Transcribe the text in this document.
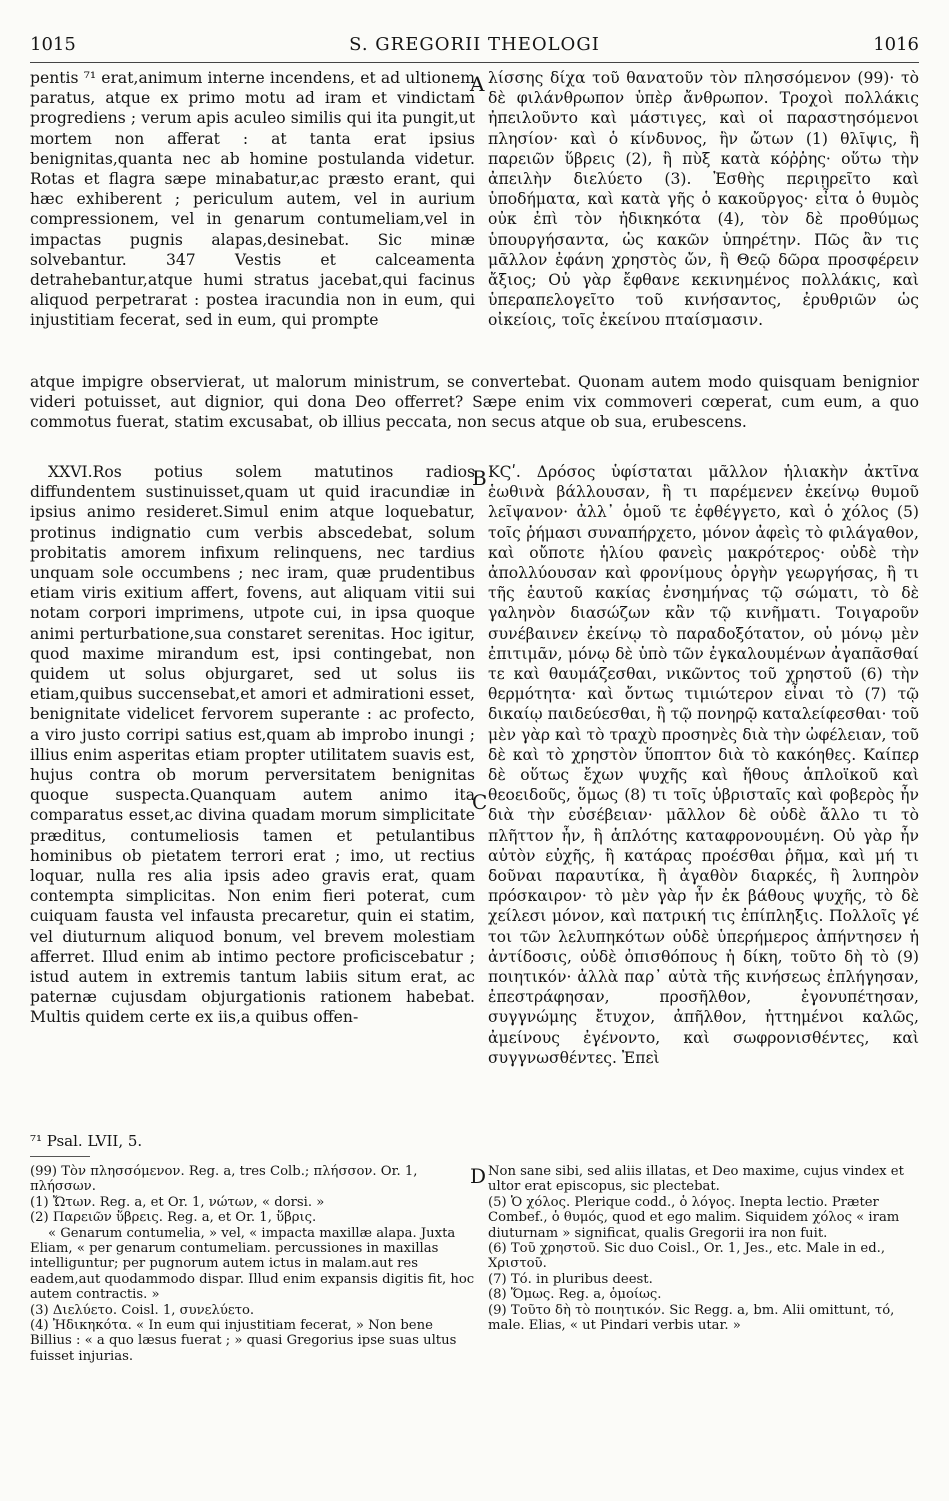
1015	S. GREGORII THEOLOGI	1016

pentis ⁷¹ erat,animum interne incendens, et ad ultionem paratus, atque ex primo motu ad iram et vindictam progrediens ; verum apis aculeo similis qui ita pungit,ut mortem non afferat : at tanta erat ipsius benignitas,quanta nec ab homine postulanda videtur. Rotas et flagra sæpe minabatur,ac præsto erant, qui hæc exhiberent ; periculum autem, vel in aurium compressionem, vel in genarum contumeliam,vel in impactas pugnis alapas,desinebat. Sic minæ solvebantur. 347 Vestis et calceamenta detrahebantur,atque humi stratus jacebat,qui facinus aliquod perpetrarat : postea iracundia non in eum, qui injustitiam fecerat, sed in eum, qui prompte

λίσσης δίχα τοῦ θανατοῦν τὸν πλησσόμενον (99)· τὸ δὲ φιλάνθρωπον ὑπὲρ ἄνθρωπον. Τροχοὶ πολλάκις ἠπειλοῦντο καὶ μάστιγες, καὶ οἱ παραστησόμενοι πλησίον· καὶ ὁ κίνδυνος, ἢν ὤτων (1) θλῖψις, ἢ παρειῶν ὕβρεις (2), ἢ πὺξ κατὰ κόῤῥης· οὕτω τὴν ἀπειλὴν διελύετο (3). Ἐσθὴς περιῃρεῖτο καὶ ὑποδήματα, καὶ κατὰ γῆς ὁ κακοῦργος· εἶτα ὁ θυμὸς οὐκ ἐπὶ τὸν ἠδικηκότα (4), τὸν δὲ προθύμως ὑπουργήσαντα, ὡς κακῶν ὑπηρέτην. Πῶς ἂν τις μᾶλλον ἐφάνη χρηστὸς ὤν, ἢ Θεῷ δῶρα προσφέρειν ἄξιος; Οὐ γὰρ ἔφθανε κεκινημένος πολλάκις, καὶ ὑπεραπελογεῖτο τοῦ κινήσαντος, ἐρυθριῶν ὡς οἰκείοις, τοῖς ἐκείνου πταίσμασιν.

A

atque impigre observierat, ut malorum ministrum, se convertebat. Quonam autem modo quisquam benignior videri potuisset, aut dignior, qui dona Deo offerret? Sæpe enim vix commoveri cœperat, cum eum, a quo commotus fuerat, statim excusabat, ob illius peccata, non secus atque ob sua, erubescens.

XXVI.Ros potius solem matutinos radios diffundentem sustinuisset,quam ut quid iracundiæ in ipsius animo resideret.Simul enim atque loquebatur, protinus indignatio cum verbis abscedebat, solum probitatis amorem infixum relinquens, nec tardius unquam sole occumbens ; nec iram, quæ prudentibus etiam viris exitium affert, fovens, aut aliquam vitii sui notam corpori imprimens, utpote cui, in ipsa quoque animi perturbatione,sua constaret serenitas. Hoc igitur, quod maxime mirandum est, ipsi contingebat, non quidem ut solus objurgaret, sed ut solus iis etiam,quibus succensebat,et amori et admirationi esset, benignitate videlicet fervorem superante : ac profecto, a viro justo corripi satius est,quam ab improbo inungi ; illius enim asperitas etiam propter utilitatem suavis est, hujus contra ob morum perversitatem benignitas quoque suspecta.Quanquam autem animo ita comparatus esset,ac divina quadam morum simplicitate præditus, contumeliosis tamen et petulantibus hominibus ob pietatem terrori erat ; imo, ut rectius loquar, nulla res alia ipsis adeo gravis erat, quam contempta simplicitas. Non enim fieri poterat, cum cuiquam fausta vel infausta precaretur, quin ei statim, vel diuturnum aliquod bonum, vel brevem molestiam afferret. Illud enim ab intimo pectore proficiscebatur ; istud autem in extremis tantum labiis situm erat, ac paternæ cujusdam objurgationis rationem habebat. Multis quidem certe ex iis,a quibus offen-

ΚϚʹ. Δρόσος ὑφίσταται μᾶλλον ἡλιακὴν ἀκτῖνα ἑωθινὰ βάλλουσαν, ἢ τι παρέμενεν ἐκείνῳ θυμοῦ λεῖψανον· ἀλλ᾽ ὁμοῦ τε ἐφθέγγετο, καὶ ὁ χόλος (5) τοῖς ῥήμασι συναπήρχετο, μόνον ἀφεὶς τὸ φιλάγαθον, καὶ οὔποτε ἡλίου φανεὶς μακρότερος· οὐδὲ τὴν ἀπολλύουσαν καὶ φρονίμους ὀργὴν γεωργήσας, ἢ τι τῆς ἑαυτοῦ κακίας ἐνσημήνας τῷ σώματι, τὸ δὲ γαληνὸν διασώζων κἂν τῷ κινῆματι. Τοιγαροῦν συνέβαινεν ἐκείνῳ τὸ παραδοξότατον, οὐ μόνῳ μὲν ἐπιτιμᾶν, μόνῳ δὲ ὑπὸ τῶν ἐγκαλουμένων ἀγαπᾶσθαί τε καὶ θαυμάζεσθαι, νικῶντος τοῦ χρηστοῦ (6) τὴν θερμότητα· καὶ ὄντως τιμιώτερον εἶναι τὸ (7) τῷ δικαίῳ παιδεύεσθαι, ἢ τῷ πονηρῷ καταλείφεσθαι· τοῦ μὲν γὰρ καὶ τὸ τραχὺ προσηνὲς διὰ τὴν ὠφέλειαν, τοῦ δὲ καὶ τὸ χρηστὸν ὕποπτον διὰ τὸ κακόηθες. Καίπερ δὲ οὕτως ἔχων ψυχῆς καὶ ἤθους ἁπλοϊκοῦ καὶ θεοειδοῦς, ὅμως (8) τι τοῖς ὑβρισταῖς καὶ φοβερὸς ἦν διὰ τὴν εὐσέβειαν· μᾶλλον δὲ οὐδὲ ἄλλο τι τὸ πλῆττον ἦν, ἢ ἁπλότης καταφρονουμένη. Οὐ γὰρ ἦν αὐτὸν εὐχῆς, ἢ κατάρας προέσθαι ῥῆμα, καὶ μή τι δοῦναι παραυτίκα, ἢ ἀγαθὸν διαρκές, ἢ λυπηρὸν πρόσκαιρον· τὸ μὲν γὰρ ἦν ἐκ βάθους ψυχῆς, τὸ δὲ χείλεσι μόνον, καὶ πατρική τις ἐπίπληξις. Πολλοῖς γέ τοι τῶν λελυπηκότων οὐδὲ ὑπερήμερος ἀπήντησεν ἡ ἀντίδοσις, οὐδὲ ὀπισθόπους ἡ δίκη, τοῦτο δὴ τὸ (9) ποιητικόν· ἀλλὰ παρ᾽ αὐτὰ τῆς κινήσεως ἐπλήγησαν, ἐπεστράφησαν, προσῆλθον, ἐγονυπέτησαν, συγγνώμης ἔτυχον, ἀπῆλθον, ἡττημένοι καλῶς, ἀμείνους ἐγένοντο, καὶ σωφρονισθέντες, καὶ συγγνωσθέντες. Ἐπεὶ

B
C
⁷¹ Psal. LVII, 5.

(99) Τὸν πλησσόμενον. Reg. a, tres Colb.; πλήσσον. Or. 1, πλήσσων.

(1) Ὤτων. Reg. a, et Or. 1, νώτων, « dorsi. »

(2) Παρειῶν ὕβρεις. Reg. a, et Or. 1, ὕβρις.

« Genarum contumelia, » vel, « impacta maxillæ alapa. Juxta Eliam, « per genarum contumeliam. percussiones in maxillas intelliguntur; per pugnorum autem ictus in malam.aut res eadem,aut quodammodo dispar. Illud enim expansis digitis fit, hoc autem contractis. »

(3) Διελύετο. Coisl. 1, συνελύετο.

(4) Ἠδικηκότα. « In eum qui injustitiam fecerat, » Non bene Billius : « a quo læsus fuerat ; » quasi Gregorius ipse suas ultus fuisset injurias.

D Non sane sibi, sed aliis illatas, et Deo maxime, cujus vindex et ultor erat episcopus, sic plectebat.

(5) Ὁ χόλος. Plerique codd., ὁ λόγος. Inepta lectio. Præter Combef., ὁ θυμός, quod et ego malim. Siquidem χόλος « iram diuturnam » significat, qualis Gregorii ira non fuit.

(6) Τοῦ χρηστοῦ. Sic duo Coisl., Or. 1, Jes., etc. Male in ed., Χριστοῦ.

(7) Τό. in pluribus deest.

(8) Ὅμως. Reg. a, ὁμοίως.

(9) Τοῦτο δὴ τὸ ποιητικόν. Sic Regg. a, bm. Alii omittunt, τό, male. Elias, « ut Pindari verbis utar. »
